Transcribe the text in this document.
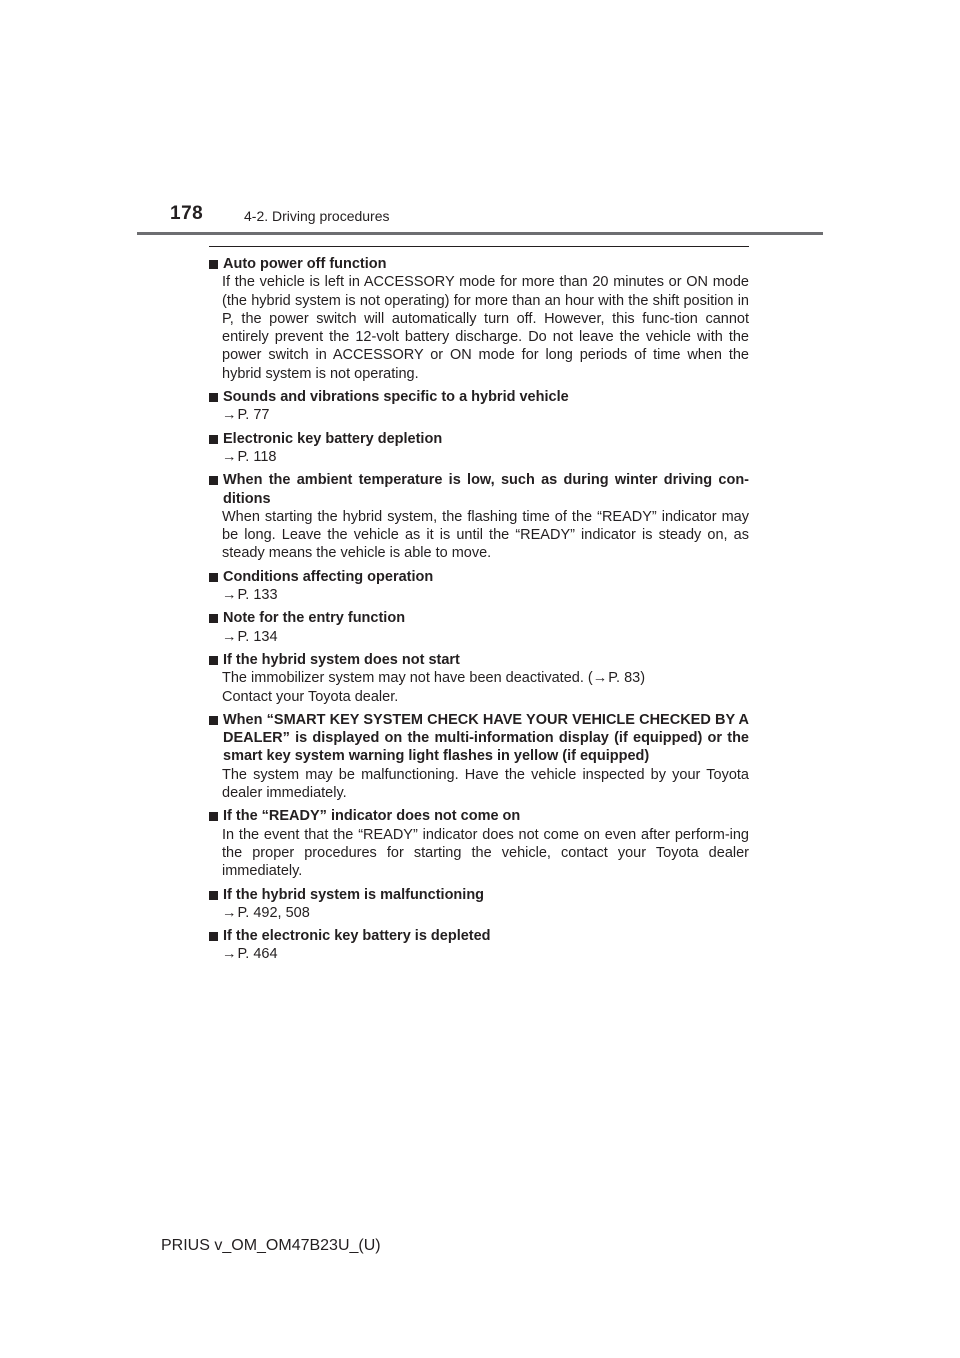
178	4-2. Driving procedures
Auto power off function
If the vehicle is left in ACCESSORY mode for more than 20 minutes or ON mode (the hybrid system is not operating) for more than an hour with the shift position in P, the power switch will automatically turn off. However, this func-tion cannot entirely prevent the 12-volt battery discharge. Do not leave the vehicle with the power switch in ACCESSORY or ON mode for long periods of time when the hybrid system is not operating.
Sounds and vibrations specific to a hybrid vehicle
→P. 77
Electronic key battery depletion
→P. 118
When the ambient temperature is low, such as during winter driving con-ditions
When starting the hybrid system, the flashing time of the “READY” indicator may be long. Leave the vehicle as it is until the “READY” indicator is steady on, as steady means the vehicle is able to move.
Conditions affecting operation
→P. 133
Note for the entry function
→P. 134
If the hybrid system does not start
The immobilizer system may not have been deactivated. (→P. 83)
Contact your Toyota dealer.
When “SMART KEY SYSTEM CHECK HAVE YOUR VEHICLE CHECKED BY A DEALER” is displayed on the multi-information display (if equipped) or the smart key system warning light flashes in yellow (if equipped)
The system may be malfunctioning. Have the vehicle inspected by your Toyota dealer immediately.
If the “READY” indicator does not come on
In the event that the “READY” indicator does not come on even after perform-ing the proper procedures for starting the vehicle, contact your Toyota dealer immediately.
If the hybrid system is malfunctioning
→P. 492, 508
If the electronic key battery is depleted
→P. 464
PRIUS v_OM_OM47B23U_(U)
